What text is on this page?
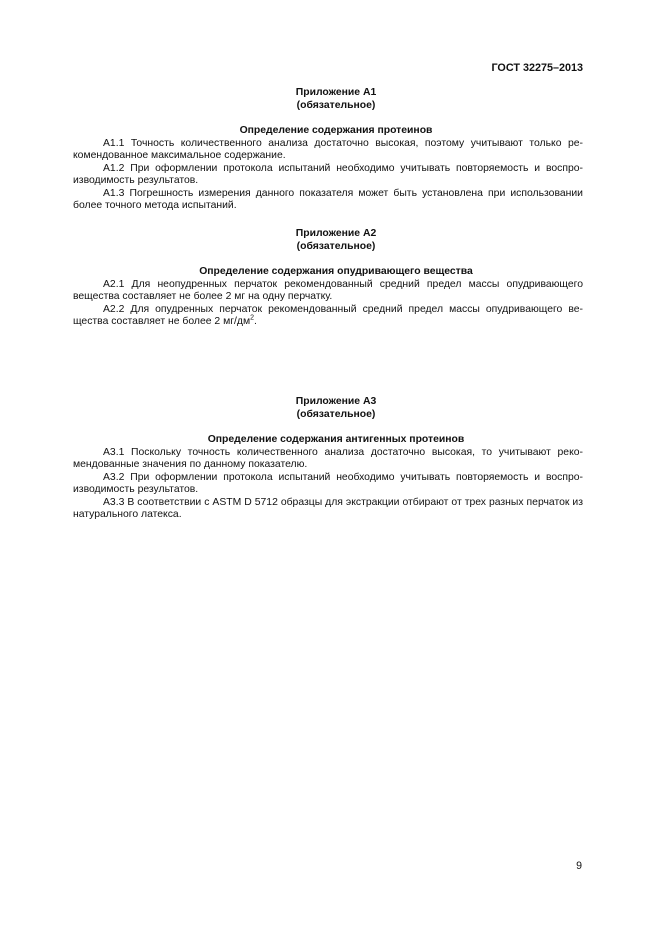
ГОСТ 32275–2013
Приложение А1
(обязательное)
Определение содержания протеинов

А1.1 Точность количественного анализа достаточно высокая, поэтому учитывают только рекомендованное максимальное содержание.

А1.2 При оформлении протокола испытаний необходимо учитывать повторяемость и воспроизводимость результатов.

А1.3 Погрешность измерения данного показателя может быть установлена при использовании более точного метода испытаний.

Приложение А2
(обязательное)
Определение содержания опудривающего вещества

А2.1 Для неопудренных перчаток рекомендованный средний предел массы опудривающего вещества составляет не более 2 мг на одну перчатку.

А2.2 Для опудренных перчаток рекомендованный средний предел массы опудривающего вещества составляет не более 2 $мг/дм^2$.

Приложение А3
(обязательное)
Определение содержания антигенных протеинов

А3.1 Поскольку точность количественного анализа достаточно высокая, то учитывают рекомендованные значения по данному показателю.

А3.2 При оформлении протокола испытаний необходимо учитывать повторяемость и воспроизводимость результатов.

А3.3 В соответствии с ASTM D 5712 образцы для экстракции отбирают от трех разных перчаток из натурального латекса.

9
